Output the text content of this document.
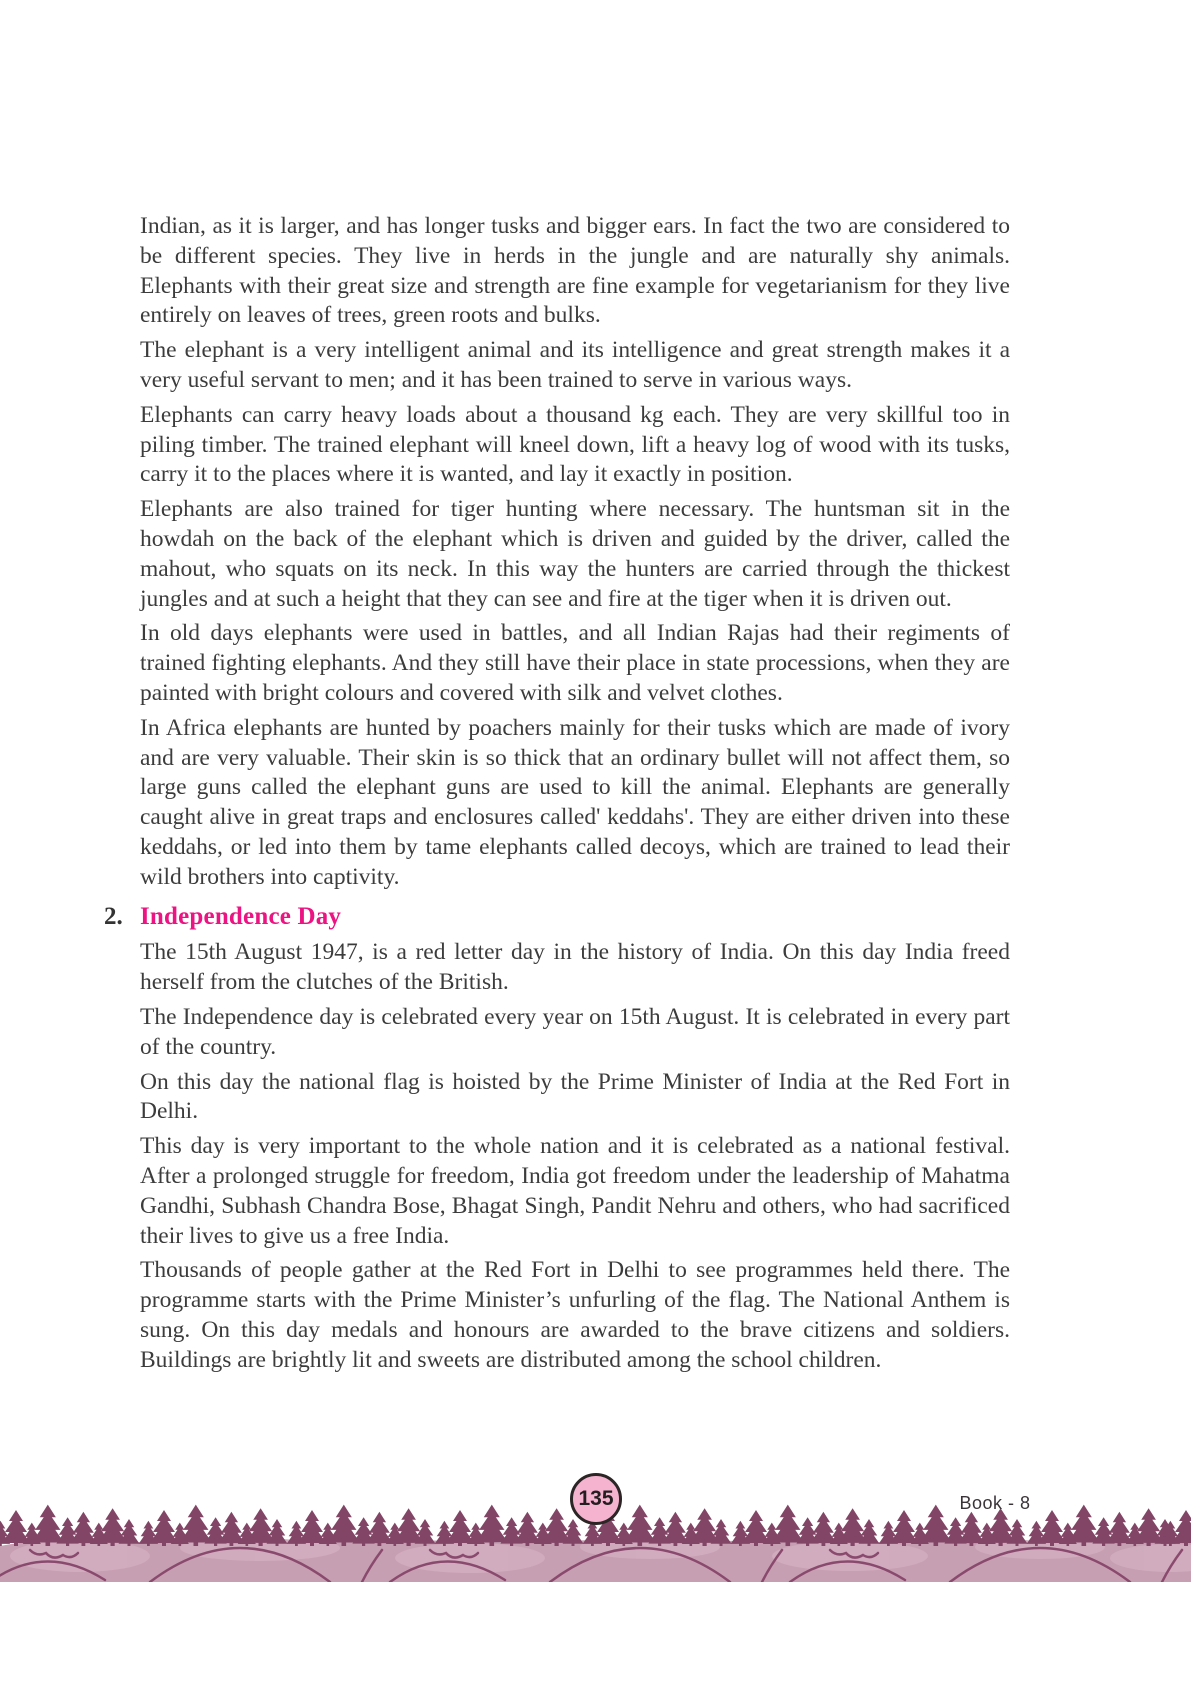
Indian, as it is larger, and has longer tusks and bigger ears. In fact the two are considered to be different species. They live in herds in the jungle and are naturally shy animals. Elephants with their great size and strength are fine example for vegetarianism for they live entirely on leaves of trees, green roots and bulks.

The elephant is a very intelligent animal and its intelligence and great strength makes it a very useful servant to men; and it has been trained to serve in various ways.

Elephants can carry heavy loads about a thousand kg each. They are very skillful too in piling timber. The trained elephant will kneel down, lift a heavy log of wood with its tusks, carry it to the places where it is wanted, and lay it exactly in position.

Elephants are also trained for tiger hunting where necessary. The huntsman sit in the howdah on the back of the elephant which is driven and guided by the driver, called the mahout, who squats on its neck. In this way the hunters are carried through the thickest jungles and at such a height that they can see and fire at the tiger when it is driven out.

In old days elephants were used in battles, and all Indian Rajas had their regiments of trained fighting elephants. And they still have their place in state processions, when they are painted with bright colours and covered with silk and velvet clothes.

In Africa elephants are hunted by poachers mainly for their tusks which are made of ivory and are very valuable. Their skin is so thick that an ordinary bullet will not affect them, so large guns called the elephant guns are used to kill the animal. Elephants are generally caught alive in great traps and enclosures called' keddahs'. They are either driven into these keddahs, or led into them by tame elephants called decoys, which are trained to lead their wild brothers into captivity.

2. Independence Day

The 15th August 1947, is a red letter day in the history of India. On this day India freed herself from the clutches of the British.

The Independence day is celebrated every year on 15th August. It is celebrated in every part of the country.

On this day the national flag is hoisted by the Prime Minister of India at the Red Fort in Delhi.

This day is very important to the whole nation and it is celebrated as a national festival. After a prolonged struggle for freedom, India got freedom under the leadership of Mahatma Gandhi, Subhash Chandra Bose, Bhagat Singh, Pandit Nehru and others, who had sacrificed their lives to give us a free India.

Thousands of people gather at the Red Fort in Delhi to see programmes held there. The programme starts with the Prime Minister’s unfurling of the flag. The National Anthem is sung. On this day medals and honours are awarded to the brave citizens and soldiers. Buildings are brightly lit and sweets are distributed among the school children.

Book - 8
135
